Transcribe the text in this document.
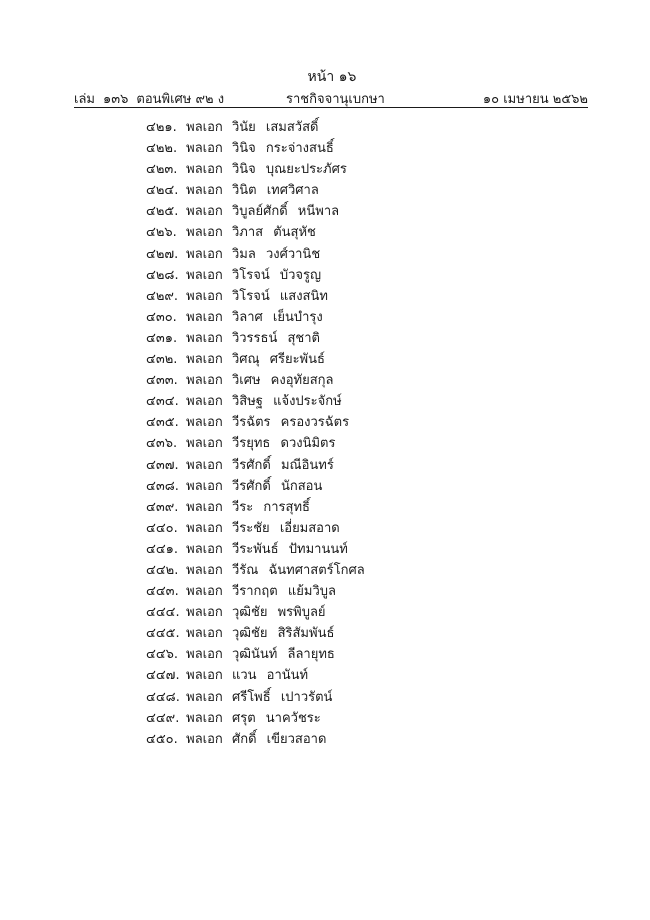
หน้า ๑๖
เล่ม ๑๓๖ ตอนพิเศษ ๙๒ ง	ราชกิจจานุเบกษา	๑๐ เมษายน ๒๕๖๒
๔๒๑. พลเอก วินัย เสมสวัสดิ์
๔๒๒. พลเอก วินิจ กระจ่างสนธิ์
๔๒๓. พลเอก วินิจ บุณยะประภัศร
๔๒๔. พลเอก วินิต เทศวิศาล
๔๒๕. พลเอก วิบูลย์ศักดิ์ หนีพาล
๔๒๖. พลเอก วิภาส ตันสุหัช
๔๒๗. พลเอก วิมล วงศ์วานิช
๔๒๘. พลเอก วิโรจน์ บัวจรูญ
๔๒๙. พลเอก วิโรจน์ แสงสนิท
๔๓๐. พลเอก วิลาศ เย็นบำรุง
๔๓๑. พลเอก วิวรรธน์ สุชาติ
๔๓๒. พลเอก วิศณุ ศรียะพันธ์
๔๓๓. พลเอก วิเศษ คงอุทัยสกุล
๔๓๔. พลเอก วิสิษฐ แจ้งประจักษ์
๔๓๕. พลเอก วีรฉัตร ครองวรฉัตร
๔๓๖. พลเอก วีรยุทธ ดวงนิมิตร
๔๓๗. พลเอก วีรศักดิ์ มณีอินทร์
๔๓๘. พลเอก วีรศักดิ์ นักสอน
๔๓๙. พลเอก วีระ การสุทธิ์
๔๔๐. พลเอก วีระชัย เอี่ยมสอาด
๔๔๑. พลเอก วีระพันธ์ ปัทมานนท์
๔๔๒. พลเอก วีรัณ ฉันทศาสตร์โกศล
๔๔๓. พลเอก วีรากฤต แย้มวิบูล
๔๔๔. พลเอก วุฒิชัย พรพิบูลย์
๔๔๕. พลเอก วุฒิชัย สิริสัมพันธ์
๔๔๖. พลเอก วุฒินันท์ ลีลายุทธ
๔๔๗. พลเอก แวน อานันท์
๔๔๘. พลเอก ศรีโพธิ์ เปาวรัตน์
๔๔๙. พลเอก ศรุต นาควัชระ
๔๕๐. พลเอก ศักดิ์ เขียวสอาด
